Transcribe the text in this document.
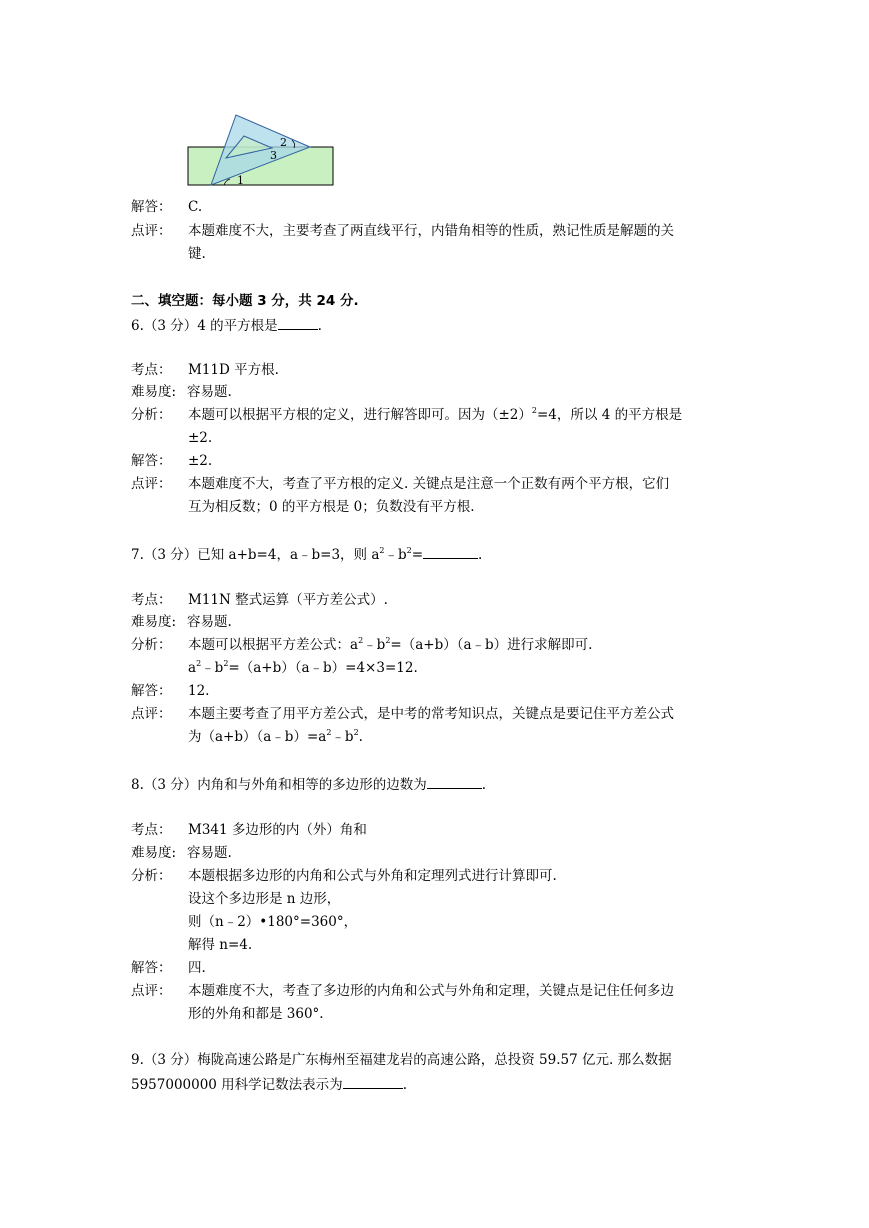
2
3
1
解答： C.
点评： 本题难度不大，主要考查了两直线平行，内错角相等的性质，熟记性质是解题的关
键.
二、填空题：每小题 3 分，共 24 分.
6.（3 分）4 的平方根是	.
考点： M11D 平方根.
难易度: 容易题.
分析： 本题可以根据平方根的定义，进行解答即可。因为$(\pm 2)^2=4$，所以 4 的平方根是
±2.
解答： ±2.
点评： 本题难度不大，考查了平方根的定义. 关键点是注意一个正数有两个平方根，它们
互为相反数；0 的平方根是 0；负数没有平方根.
7.（3 分）已知 a+b=4，a﹣b=3，则 $a^2﹣b^2=$	.
考点： M11N 整式运算（平方差公式）.
难易度: 容易题.
分析： 本题可以根据平方差公式：$a^2﹣b^2=(a+b)(a﹣b)$进行求解即可.
$a^2﹣b^2=(a+b)(a﹣b)=4\times 3=12$.
解答： 12.
点评： 本题主要考查了用平方差公式，是中考的常考知识点，关键点是要记住平方差公式
为$(a+b)(a﹣b)=a^2﹣b^2$.
8.（3 分）内角和与外角和相等的多边形的边数为	.
考点： M341 多边形的内（外）角和
难易度: 容易题.
分析： 本题根据多边形的内角和公式与外角和定理列式进行计算即可.
设这个多边形是 n 边形，
则（n﹣2）•180°=360°，
解得 n=4.
解答： 四.
点评： 本题难度不大，考查了多边形的内角和公式与外角和定理，关键点是记住任何多边
形的外角和都是 360°.
9.（3 分）梅陇高速公路是广东梅州至福建龙岩的高速公路，总投资 59.57 亿元. 那么数据
5957000000 用科学记数法表示为	.
